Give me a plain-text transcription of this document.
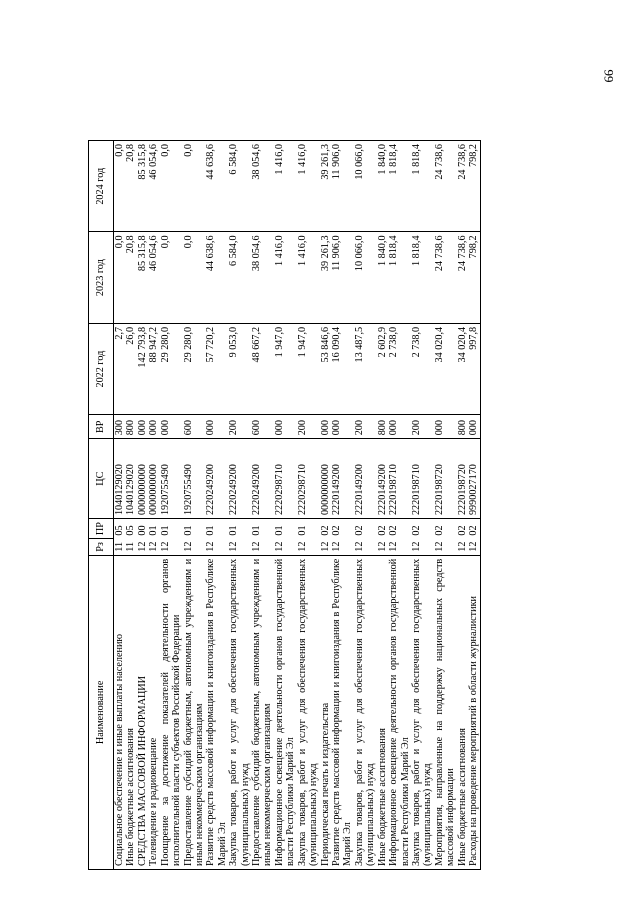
99
Наименование	Рз	ПР	ЦС	ВР	2022 год	2023 год	2024 год
Социальное обеспечение и иные выплаты населению	11	05	1040129020	300	2,7	0,0	0,0
Иные бюджетные ассигнования	11	05	1040129020	800	26,0	20,8	20,8
СРЕДСТВА МАССОВОЙ ИНФОРМАЦИИ	12	00	0000000000	000	142 793,8	85 315,8	85 315,8
Телевидение и радиовещание	12	01	0000000000	000	88 947,2	46 054,6	46 054,6
Поощрение за достижение показателей деятельности органов исполнительной власти субъектов Российской Федерации	12	01	1920755490	000	29 280,0	0,0	0,0
Предоставление субсидий бюджетным, автономным учреждениям и иным некоммерческим организациям	12	01	1920755490	600	29 280,0	0,0	0,0
Развитие средств массовой информации и книгоиздания в Республике Марий Эл	12	01	2220249200	000	57 720,2	44 638,6	44 638,6
Закупка товаров, работ и услуг для обеспечения государственных (муниципальных) нужд	12	01	2220249200	200	9 053,0	6 584,0	6 584,0
Предоставление субсидий бюджетным, автономным учреждениям и иным некоммерческим организациям	12	01	2220249200	600	48 667,2	38 054,6	38 054,6
Информационное освещение деятельности органов государственной власти Республики Марий Эл	12	01	2220298710	000	1 947,0	1 416,0	1 416,0
Закупка товаров, работ и услуг для обеспечения государственных (муниципальных) нужд	12	01	2220298710	200	1 947,0	1 416,0	1 416,0
Периодическая печать и издательства	12	02	0000000000	000	53 846,6	39 261,3	39 261,3
Развитие средств массовой информации и книгоиздания в Республике Марий Эл	12	02	2220149200	000	16 090,4	11 906,0	11 906,0
Закупка товаров, работ и услуг для обеспечения государственных (муниципальных) нужд	12	02	2220149200	200	13 487,5	10 066,0	10 066,0
Иные бюджетные ассигнования	12	02	2220149200	800	2 602,9	1 840,0	1 840,0
Информационное освещение деятельности органов государственной власти Республики Марий Эл	12	02	2220198710	000	2 738,0	1 818,4	1 818,4
Закупка товаров, работ и услуг для обеспечения государственных (муниципальных) нужд	12	02	2220198710	200	2 738,0	1 818,4	1 818,4
Мероприятия, направленные на поддержку национальных средств массовой информации	12	02	2220198720	000	34 020,4	24 738,6	24 738,6
Иные бюджетные ассигнования	12	02	2220198720	800	34 020,4	24 738,6	24 738,6
Расходы на проведение мероприятий в области журналистики	12	02	9990027170	000	997,8	798,2	798,2
